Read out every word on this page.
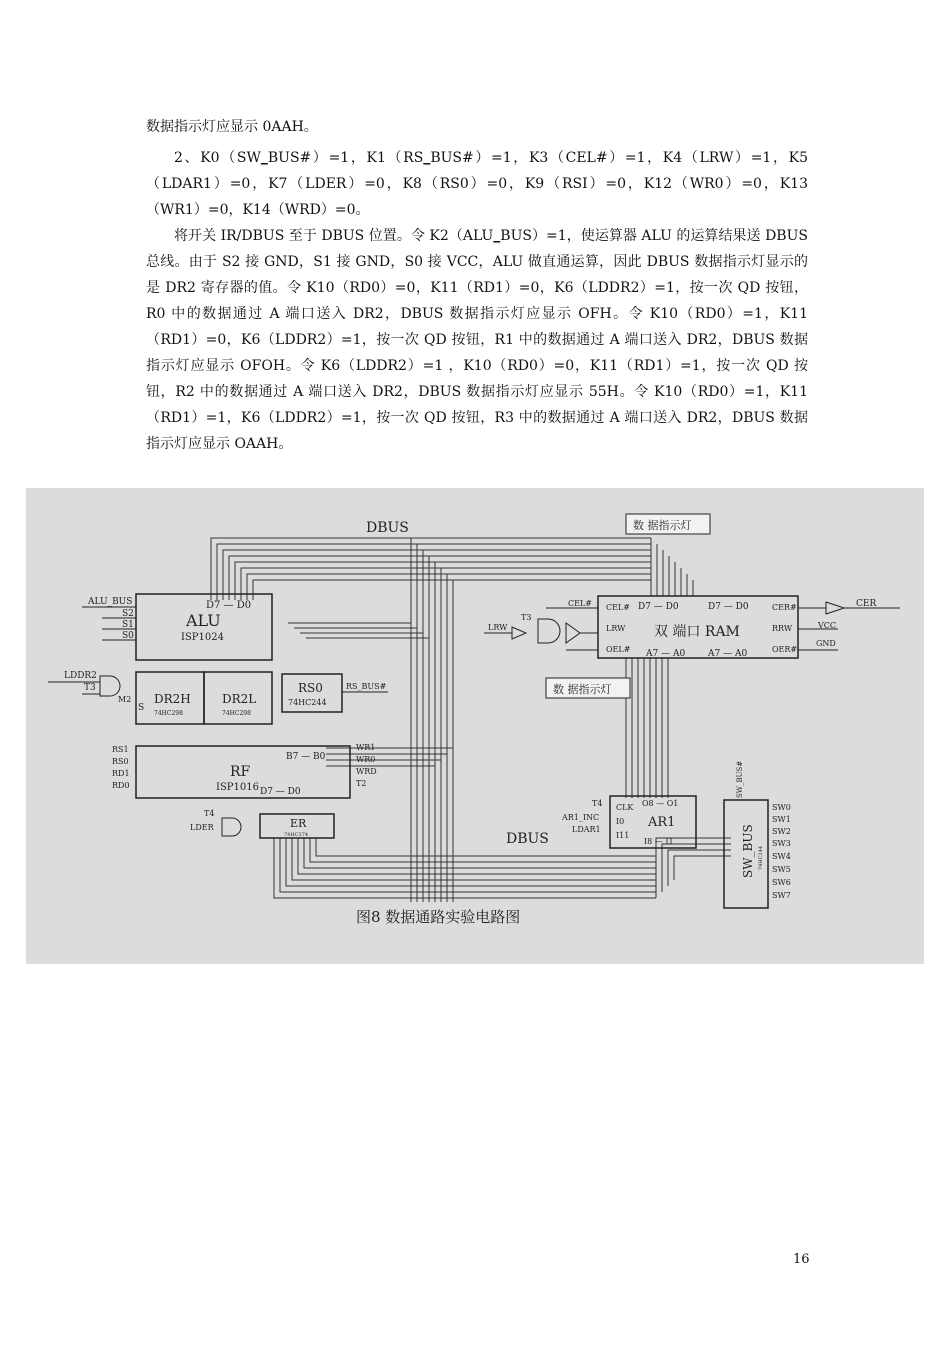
数据指示灯应显示 0AAH。

2、K0（SW_BUS#）=1，K1（RS_BUS#）=1，K3（CEL#）=1，K4（LRW）=1，K5（LDAR1）=0，K7（LDER）=0，K8（RS0）=0，K9（RSI）=0，K12（WR0）=0，K13（WR1）=0，K14（WRD）=0。

将开关 IR/DBUS 至于 DBUS 位置。令 K2（ALU_BUS）=1，使运算器 ALU 的运算结果送 DBUS 总线。由于 S2 接 GND，S1 接 GND，S0 接 VCC，ALU 做直通运算，因此 DBUS 数据指示灯显示的是 DR2 寄存器的值。令 K10（RD0）=0，K11（RD1）=0，K6（LDDR2）=1，按一次 QD 按钮，R0 中的数据通过 A 端口送入 DR2，DBUS 数据指示灯应显示 OFH。令 K10（RD0）=1，K11（RD1）=0，K6（LDDR2）=1，按一次 QD 按钮，R1 中的数据通过 A 端口送入 DR2，DBUS 数据指示灯应显示 OFOH。令 K6（LDDR2）=1 ，K10（RD0）=0，K11（RD1）=1，按一次 QD 按钮，R2 中的数据通过 A 端口送入 DR2，DBUS 数据指示灯应显示 55H。令 K10（RD0）=1，K11（RD1）=1，K6（LDDR2）=1，按一次 QD 按钮，R3 中的数据通过 A 端口送入 DR2，DBUS 数据指示灯应显示 OAAH。

DBUS
DBUS
数 据指示灯
数 据指示灯
D7 — D0
ALU
ISP1024
ALU_BUS
S2
S1
S0
DR2H
74HC298
DR2L
74HC298
LDDR2
T3
M2
S
RS0
74HC244
RS_BUS#
RF
ISP1016
B7 — B0
D7 — D0
RS1
RS0
RD1
RD0
WR1
WR0
WRD
T2
ER
74HC374
LDER
T4
双 端口 RAM
CEL#
LRW
OEL#
CER#
RRW
OER#
D7 — D0	D7 — D0
A7 — A0	A7 — A0
CER
VCC
GND
T3
LRW
CEL#
AR1
CLK
I0
I11
O8 — O1
I8 — I1
T4
AR1_INC
LDAR1	SW_BUS 74HC244
SW_BUS#
SW0
SW1
SW2
SW3
SW4
SW5
SW6
SW7
图8 数据通路实验电路图
16
